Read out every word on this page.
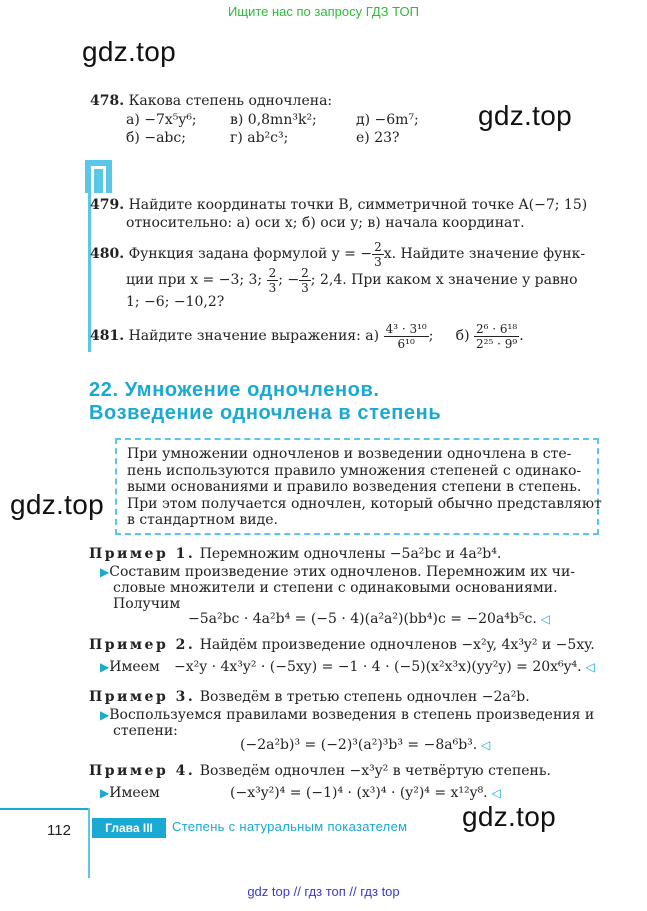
Ищите нас по запросу ГДЗ ТОП
gdz top // гдз топ // гдз top
gdz.top
gdz.top
gdz.top
gdz.top
478. Какова степень одночлена:
а) −7x⁵y⁶; в) 0,8mn³k²;	д) −6m⁷;
б) −abc;	г) ab²c³;	е) 23?
479. Найдите координаты точки B, симметричной точке A(−7; 15)
относительно: а) оси x; б) оси y; в) начала координат.
480.
Функция задана формулой
y = − $\frac{2}{3} x$. Найдите значение функ-
ции при x = −3; 3;
$\frac{2}{3}$ ; − $\frac{2}{3}$ ; 2,4. При каком x значение y равно
1; −6; −10,2?
481.
Найдите значение выражения: а)
$\frac{\text{4³ · 3¹⁰}}{\text{6¹⁰}}$ ;     б)
$\frac{\text{2⁶ · 6¹⁸}}{\text{2²⁵ · 9⁹}}$ .
22. Умножение одночленов.
Возведение одночлена в степень
При умножении одночленов и возведении одночлена в сте-
пень используются правило умножения степеней с одинако-
выми основаниями и правило возведения степени в степень.
При этом получается одночлен, который обычно представляют
в стандартном виде.
Пример 1. Перемножим одночлены −5a²bc и 4a²b⁴.
▶Составим произведение этих одночленов. Перемножим их чи-
словые множители и степени с одинаковыми основаниями.
Получим
−5a²bc · 4a²b⁴ = (−5 · 4)(a²a²)(bb⁴)c = −20a⁴b⁵c. ◁
Пример 2. Найдём произведение одночленов −x²y, 4x³y² и −5xy.
▶Имеем −x²y · 4x³y² · (−5xy) = −1 · 4 · (−5)(x²x³x)(yy²y) = 20x⁶y⁴. ◁
Пример 3. Возведём в третью степень одночлен −2a²b.
▶Воспользуемся правилами возведения в степень произведения и
степени:
(−2a²b)³ = (−2)³(a²)³b³ = −8a⁶b³. ◁
Пример 4. Возведём одночлен −x³y² в четвёртую степень.
▶Имеем	(−x³y²)⁴ = (−1)⁴ · (x³)⁴ · (y²)⁴ = x¹²y⁸. ◁
112	Глава III	Степень с натуральным показателем
